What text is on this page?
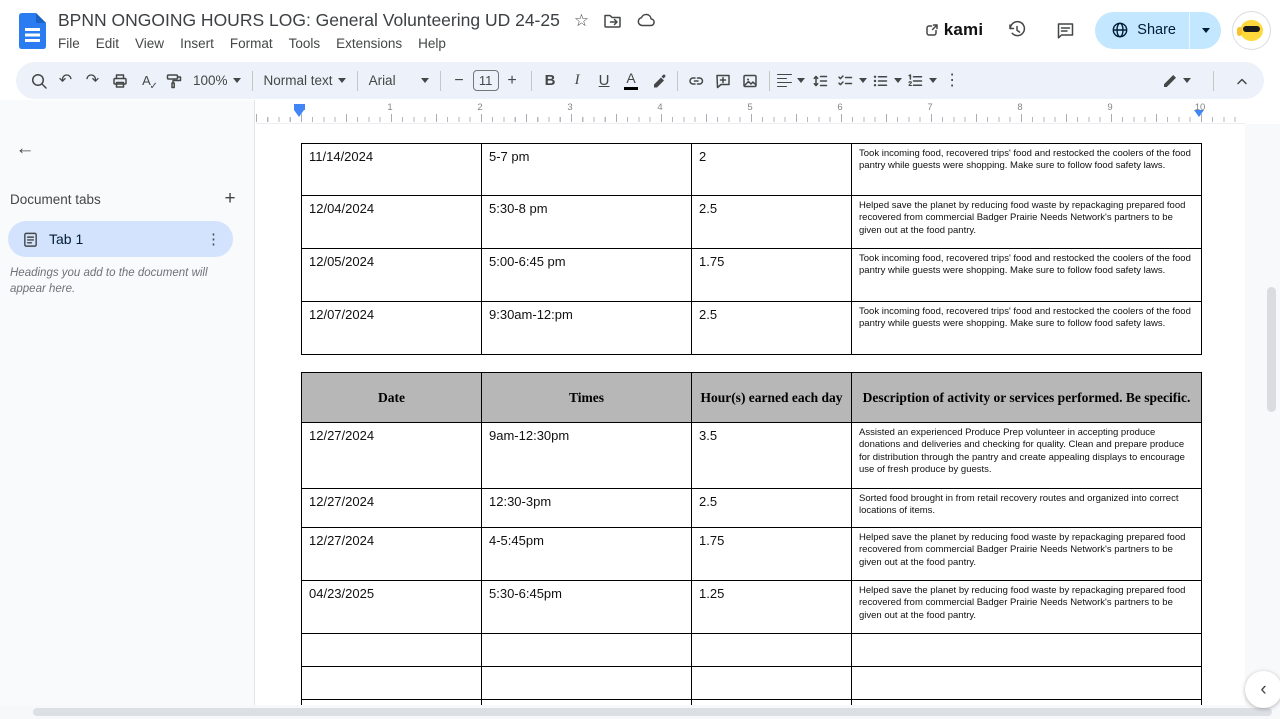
BPNN ONGOING HOURS LOG: General Volunteering UD 24-25 ☆
File	Edit	View	Insert	Format	Tools	Extensions	Help
kami	Share
↶ ↷	A
✓	100%	Normal text	Arial	−	11 + B I U A	⋮
1	2	3	4	5	6	7	8	9	10
←
Document tabs	+
Tab 1	⋮
Headings you add to the document will appear here.
11/14/2024	5-7 pm	2	Took incoming food, recovered trips' food and restocked the coolers of the food pantry while guests were shopping. Make sure to follow food safety laws.
12/04/2024	5:30-8 pm	2.5	Helped save the planet by reducing food waste by repackaging prepared food recovered from commercial Badger Prairie Needs Network's partners to be given out at the food pantry.
12/05/2024	5:00-6:45 pm	1.75	Took incoming food, recovered trips' food and restocked the coolers of the food pantry while guests were shopping. Make sure to follow food safety laws.
12/07/2024	9:30am-12:pm	2.5	Took incoming food, recovered trips' food and restocked the coolers of the food pantry while guests were shopping. Make sure to follow food safety laws.
Date	Times	Hour(s) earned each day	Description of activity or services performed. Be specific.
12/27/2024	9am-12:30pm	3.5	Assisted an experienced Produce Prep volunteer in accepting produce donations and deliveries and checking for quality. Clean and prepare produce for distribution through the pantry and create appealing displays to encourage use of fresh produce by guests.
12/27/2024	12:30-3pm	2.5	Sorted food brought in from retail recovery routes and organized into correct locations of items.
12/27/2024	4-5:45pm	1.75	Helped save the planet by reducing food waste by repackaging prepared food recovered from commercial Badger Prairie Needs Network's partners to be given out at the food pantry.
04/23/2025	5:30-6:45pm	1.25	Helped save the planet by reducing food waste by repackaging prepared food recovered from commercial Badger Prairie Needs Network's partners to be given out at the food pantry.

‹
